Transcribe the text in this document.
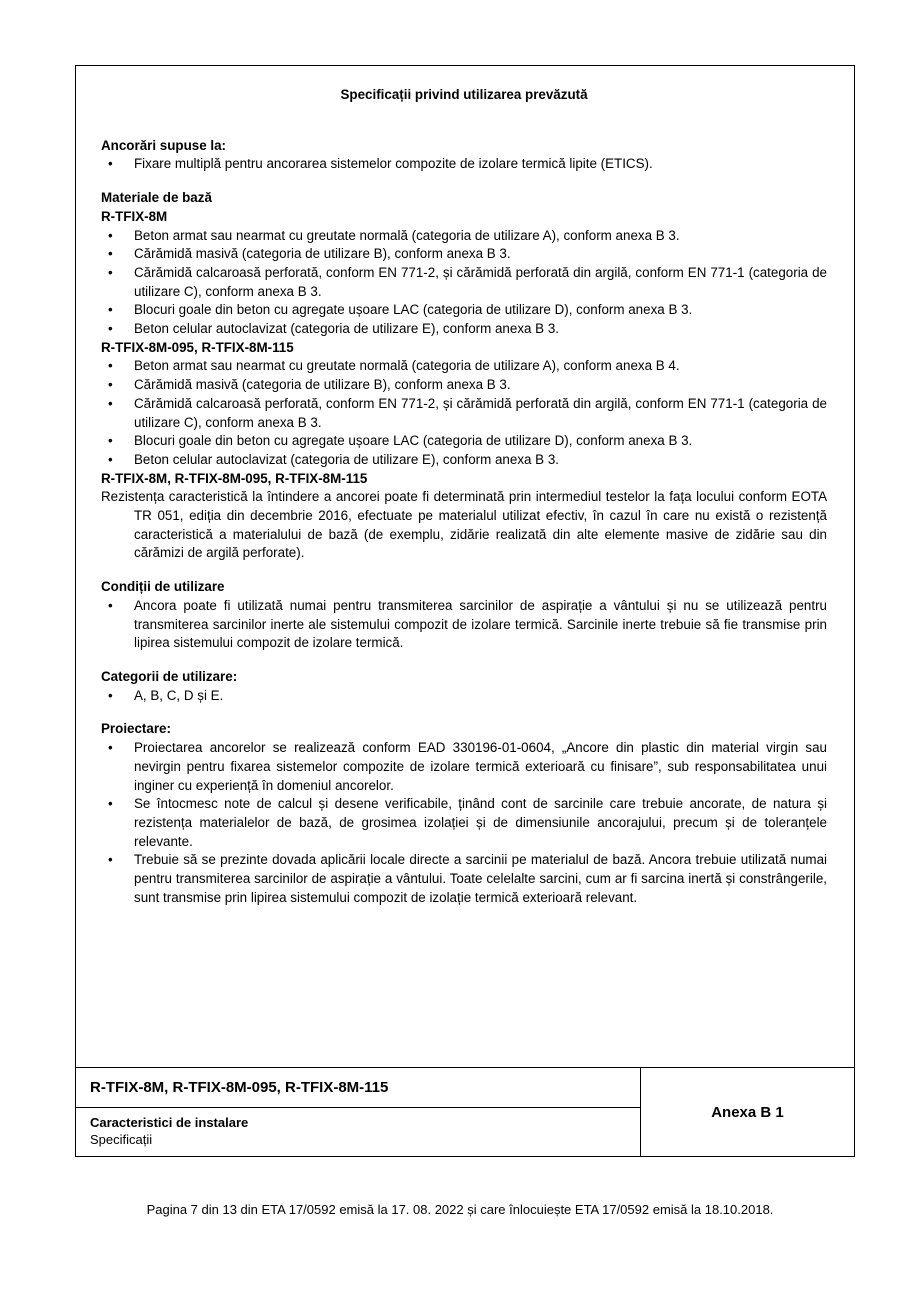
Specificații privind utilizarea prevăzută
Ancorări supuse la:
• Fixare multiplă pentru ancorarea sistemelor compozite de izolare termică lipite (ETICS).
Materiale de bază
R-TFIX-8M
• Beton armat sau nearmat cu greutate normală (categoria de utilizare A), conform anexa B 3.
• Cărămidă masivă (categoria de utilizare B), conform anexa B 3.
• Cărămidă calcaroasă perforată, conform EN 771-2, și cărămidă perforată din argilă, conform EN 771-1 (categoria de utilizare C), conform anexa B 3.
• Blocuri goale din beton cu agregate ușoare LAC (categoria de utilizare D), conform anexa B 3.
• Beton celular autoclavizat (categoria de utilizare E), conform anexa B 3.
R-TFIX-8M-095, R-TFIX-8M-115
• Beton armat sau nearmat cu greutate normală (categoria de utilizare A), conform anexa B 4.
• Cărămidă masivă (categoria de utilizare B), conform anexa B 3.
• Cărămidă calcaroasă perforată, conform EN 771-2, și cărămidă perforată din argilă, conform EN 771-1 (categoria de utilizare C), conform anexa B 3.
• Blocuri goale din beton cu agregate ușoare LAC (categoria de utilizare D), conform anexa B 3.
• Beton celular autoclavizat (categoria de utilizare E), conform anexa B 3.
R-TFIX-8M, R-TFIX-8M-095, R-TFIX-8M-115
Rezistența caracteristică la întindere a ancorei poate fi determinată prin intermediul testelor la fața locului conform EOTA TR 051, ediția din decembrie 2016, efectuate pe materialul utilizat efectiv, în cazul în care nu există o rezistență caracteristică a materialului de bază (de exemplu, zidărie realizată din alte elemente masive de zidărie sau din cărămizi de argilă perforate).
Condiții de utilizare
• Ancora poate fi utilizată numai pentru transmiterea sarcinilor de aspirație a vântului și nu se utilizează pentru transmiterea sarcinilor inerte ale sistemului compozit de izolare termică. Sarcinile inerte trebuie să fie transmise prin lipirea sistemului compozit de izolare termică.
Categorii de utilizare:
• A, B, C, D și E.
Proiectare:
• Proiectarea ancorelor se realizează conform EAD 330196-01-0604, „Ancore din plastic din material virgin sau nevirgin pentru fixarea sistemelor compozite de izolare termică exterioară cu finisare”, sub responsabilitatea unui inginer cu experiență în domeniul ancorelor.
• Se întocmesc note de calcul și desene verificabile, ținând cont de sarcinile care trebuie ancorate, de natura și rezistența materialelor de bază, de grosimea izolației și de dimensiunile ancorajului, precum și de toleranțele relevante.
• Trebuie să se prezinte dovada aplicării locale directe a sarcinii pe materialul de bază. Ancora trebuie utilizată numai pentru transmiterea sarcinilor de aspirație a vântului. Toate celelalte sarcini, cum ar fi sarcina inertă și constrângerile, sunt transmise prin lipirea sistemului compozit de izolație termică exterioară relevant.
R-TFIX-8M, R-TFIX-8M-095, R-TFIX-8M-115
Caracteristici de instalare
Specificații
Anexa B 1
Pagina 7 din 13 din ETA 17/0592 emisă la 17. 08. 2022 și care înlocuiește ETA 17/0592 emisă la 18.10.2018.
